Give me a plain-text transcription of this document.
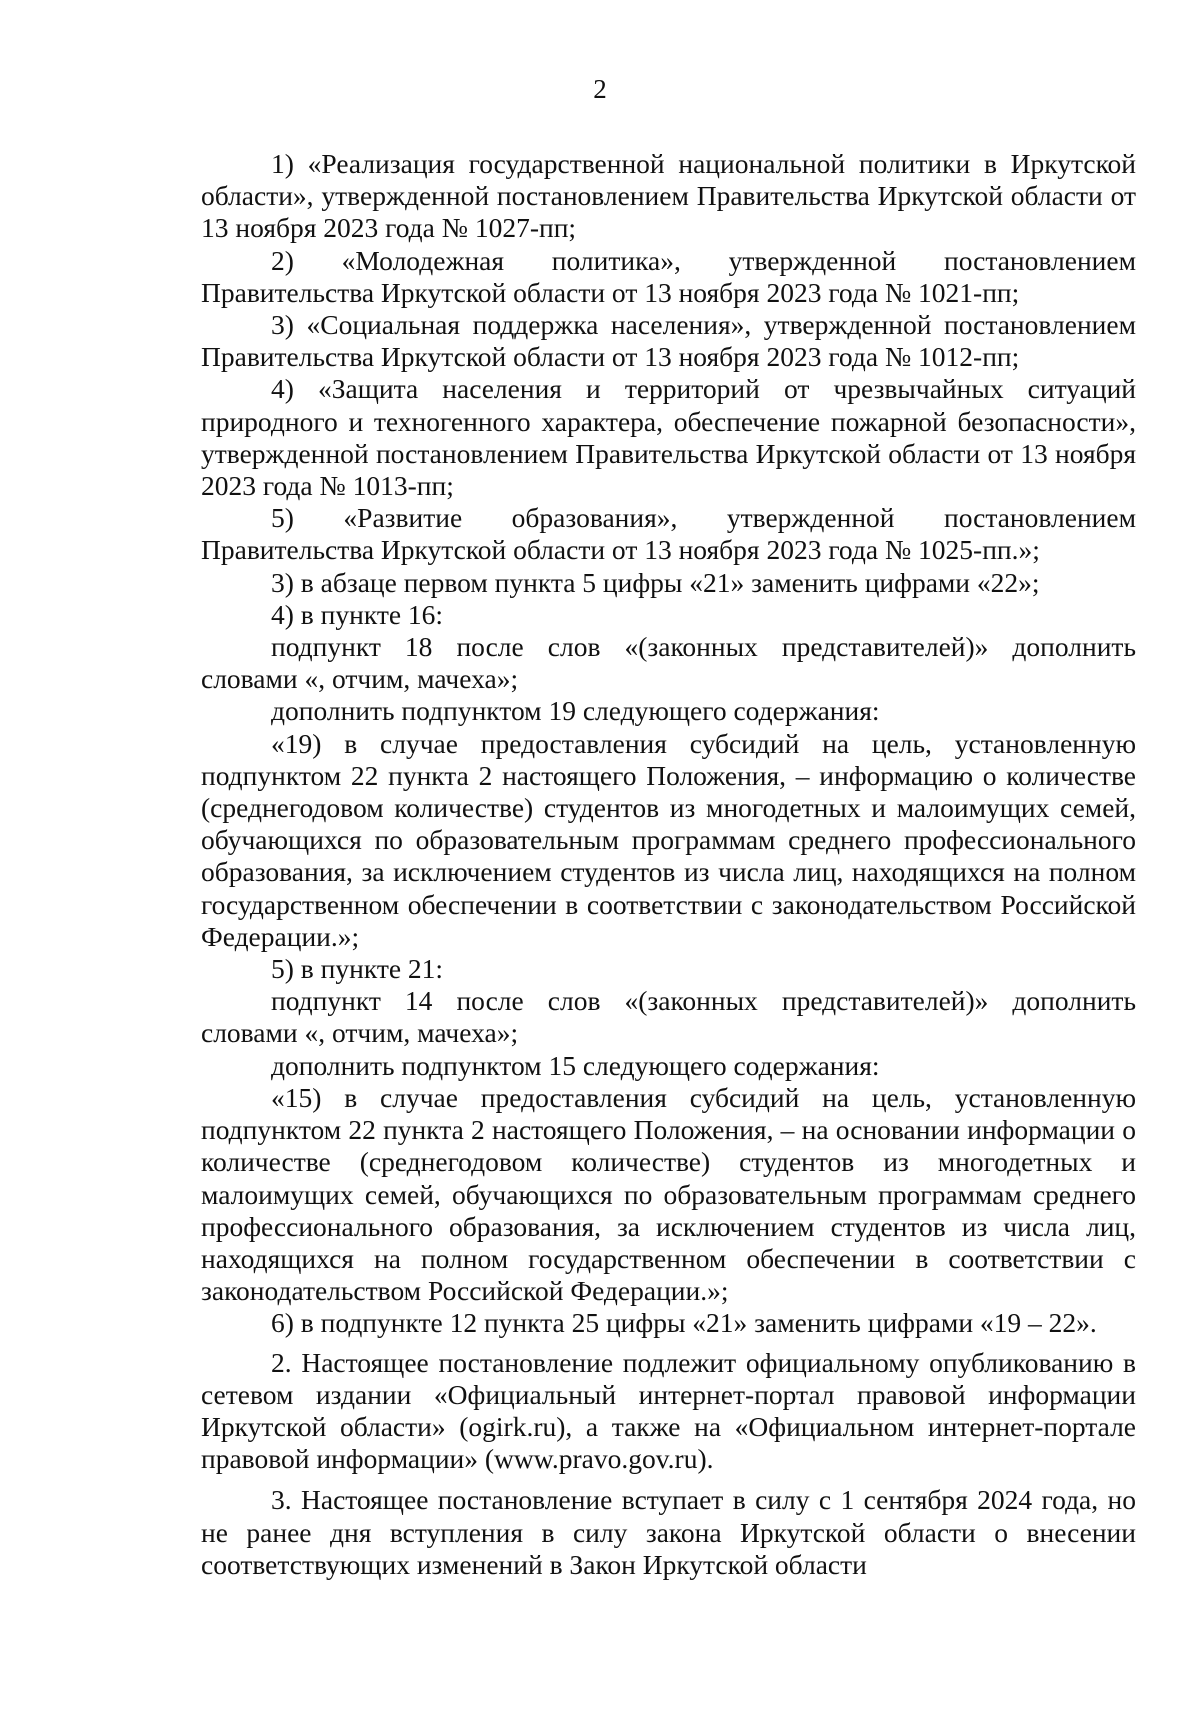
2

1) «Реализация государственной национальной политики в Иркутской области», утвержденной постановлением Правительства Иркутской области от 13 ноября 2023 года № 1027-пп;

2) «Молодежная политика», утвержденной постановлением Правительства Иркутской области от 13 ноября 2023 года № 1021-пп;

3) «Социальная поддержка населения», утвержденной постановлением Правительства Иркутской области от 13 ноября 2023 года № 1012-пп;

4) «Защита населения и территорий от чрезвычайных ситуаций природного и техногенного характера, обеспечение пожарной безопасности», утвержденной постановлением Правительства Иркутской области от 13 ноября 2023 года № 1013-пп;

5) «Развитие образования», утвержденной постановлением Правительства Иркутской области от 13 ноября 2023 года № 1025-пп.»;

3) в абзаце первом пункта 5 цифры «21» заменить цифрами «22»;

4) в пункте 16:

подпункт 18 после слов «(законных представителей)» дополнить словами «, отчим, мачеха»;

дополнить подпунктом 19 следующего содержания:

«19) в случае предоставления субсидий на цель, установленную подпунктом 22 пункта 2 настоящего Положения, – информацию о количестве (среднегодовом количестве) студентов из многодетных и малоимущих семей, обучающихся по образовательным программам среднего профессионального образования, за исключением студентов из числа лиц, находящихся на полном государственном обеспечении в соответствии с законодательством Российской Федерации.»;

5) в пункте 21:

подпункт 14 после слов «(законных представителей)» дополнить словами «, отчим, мачеха»;

дополнить подпунктом 15 следующего содержания:

«15) в случае предоставления субсидий на цель, установленную подпунктом 22 пункта 2 настоящего Положения, – на основании информации о количестве (среднегодовом количестве) студентов из многодетных и малоимущих семей, обучающихся по образовательным программам среднего профессионального образования, за исключением студентов из числа лиц, находящихся на полном государственном обеспечении в соответствии с законодательством Российской Федерации.»;

6) в подпункте 12 пункта 25 цифры «21» заменить цифрами «19 – 22».

2. Настоящее постановление подлежит официальному опубликованию в сетевом издании «Официальный интернет-портал правовой информации Иркутской области» (ogirk.ru), а также на «Официальном интернет-портале правовой информации» (www.pravo.gov.ru).

3. Настоящее постановление вступает в силу с 1 сентября 2024 года, но не ранее дня вступления в силу закона Иркутской области о внесении соответствующих изменений в Закон Иркутской области
